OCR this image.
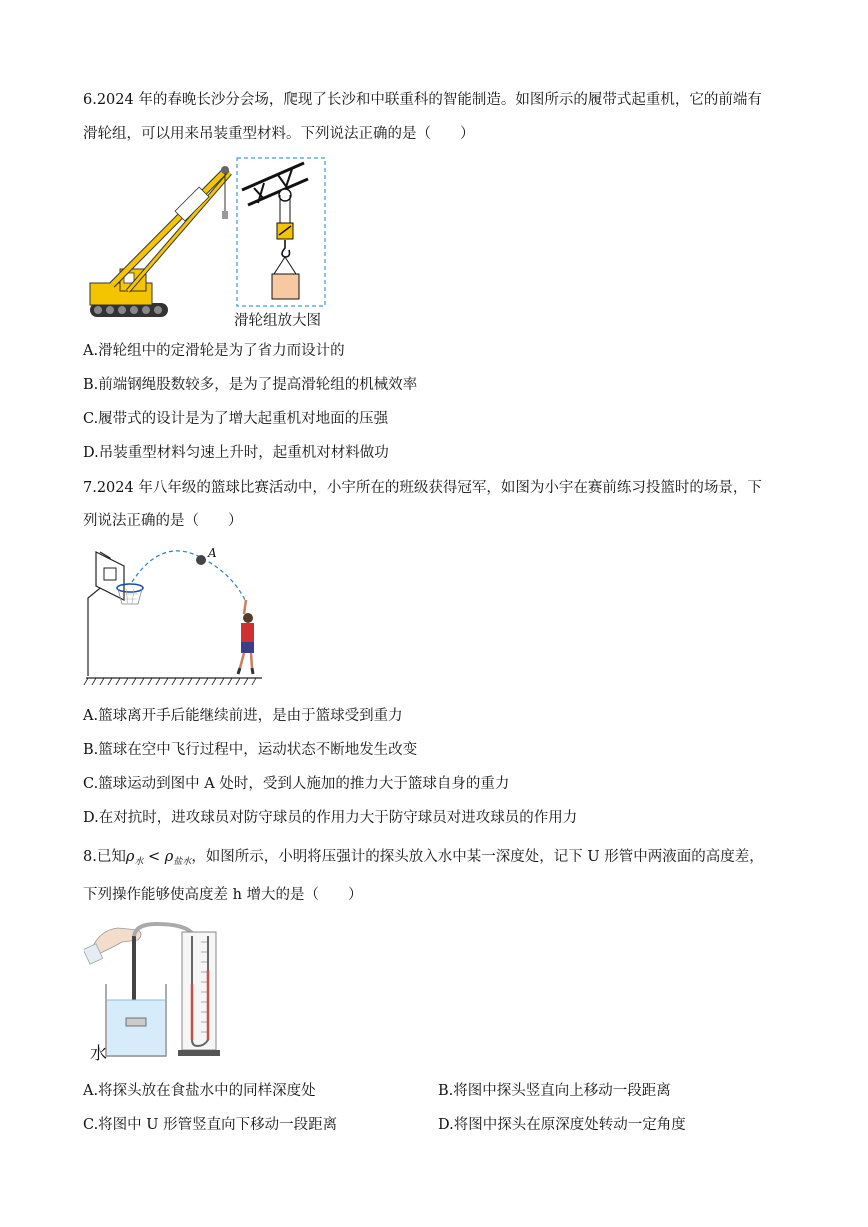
6.2024 年的春晚长沙分会场，爬现了长沙和中联重科的智能制造。如图所示的履带式起重机，它的前端有
滑轮组，可以用来吊装重型材料。下列说法正确的是（　　）
滑轮组放大图
A.滑轮组中的定滑轮是为了省力而设计的
B.前端钢绳股数较多，是为了提高滑轮组的机械效率
C.履带式的设计是为了增大起重机对地面的压强
D.吊装重型材料匀速上升时，起重机对材料做功
7.2024 年八年级的篮球比赛活动中，小宇所在的班级获得冠军，如图为小宇在赛前练习投篮时的场景，下
列说法正确的是（　　）
A
A.篮球离开手后能继续前进，是由于篮球受到重力
B.篮球在空中飞行过程中，运动状态不断地发生改变
C.篮球运动到图中 A 处时，受到人施加的推力大于篮球自身的重力
D.在对抗时，进攻球员对防守球员的作用力大于防守球员对进攻球员的作用力
8.已知$\rho_水 < \rho_{盐水}$，如图所示，小明将压强计的探头放入水中某一深度处，记下 U 形管中两液面的高度差，
下列操作能够使高度差 h 增大的是（　　）
水
A.将探头放在食盐水中的同样深度处	B.将图中探头竖直向上移动一段距离
C.将图中 U 形管竖直向下移动一段距离	D.将图中探头在原深度处转动一定角度
